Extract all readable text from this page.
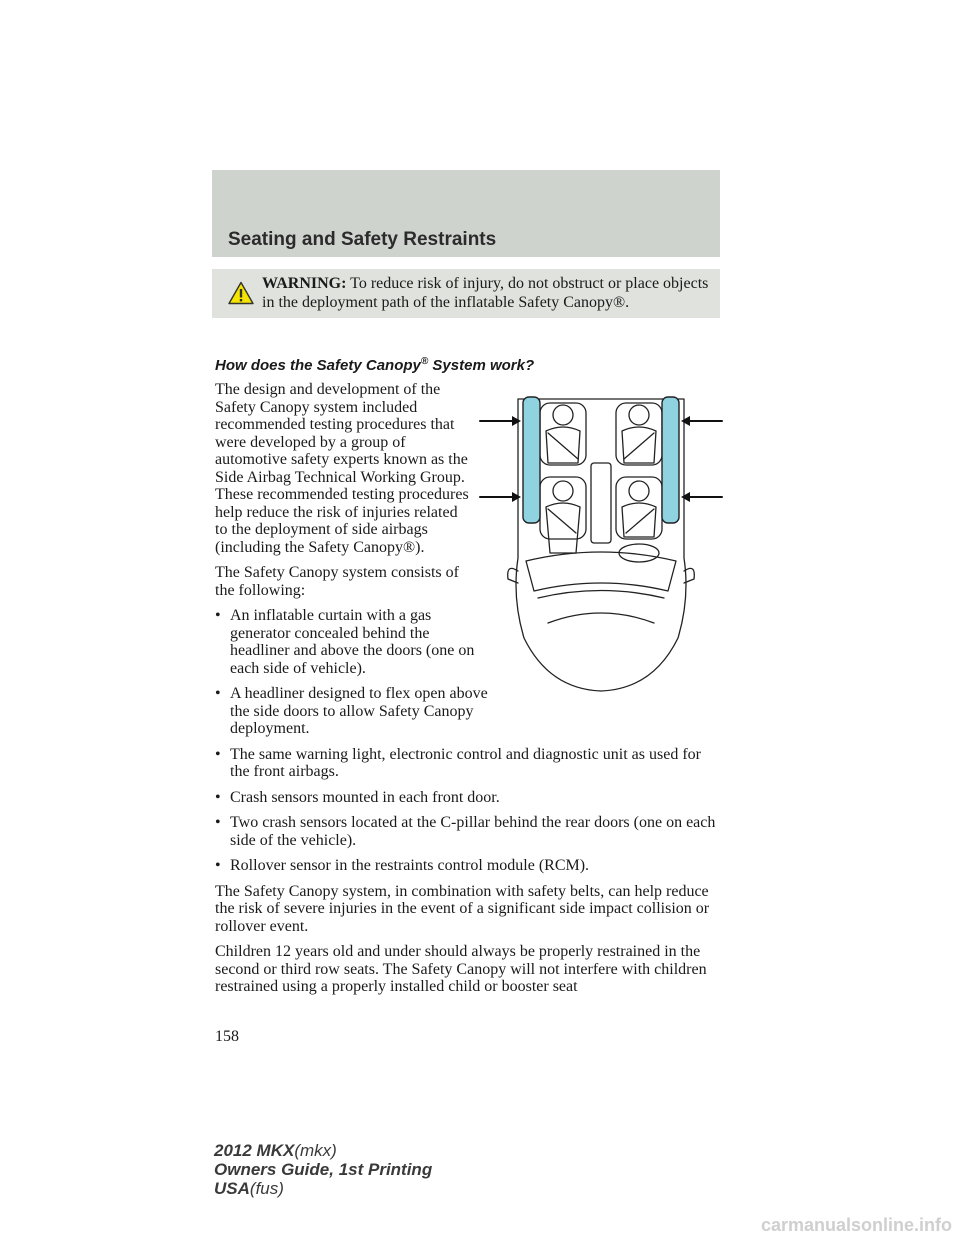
Seating and Safety Restraints

WARNING: To reduce risk of injury, do not obstruct or place objects in the deployment path of the inflatable Safety Canopy®.

How does the Safety Canopy® System work?

The design and development of the Safety Canopy system included recommended testing procedures that were developed by a group of automotive safety experts known as the Side Airbag Technical Working Group. These recommended testing procedures help reduce the risk of injuries related to the deployment of side airbags (including the Safety Canopy®).

The Safety Canopy system consists of the following:

• An inflatable curtain with a gas generator concealed behind the headliner and above the doors (one on each side of vehicle).
• A headliner designed to flex open above the side doors to allow Safety Canopy deployment.
• The same warning light, electronic control and diagnostic unit as used for the front airbags.
• Crash sensors mounted in each front door.
• Two crash sensors located at the C-pillar behind the rear doors (one on each side of the vehicle).
• Rollover sensor in the restraints control module (RCM).

The Safety Canopy system, in combination with safety belts, can help reduce the risk of severe injuries in the event of a significant side impact collision or rollover event.

Children 12 years old and under should always be properly restrained in the second or third row seats. The Safety Canopy will not interfere with children restrained using a properly installed child or booster seat

158

2012 MKX(mkx)
Owners Guide, 1st Printing
USA(fus)
carmanualsonline.info
